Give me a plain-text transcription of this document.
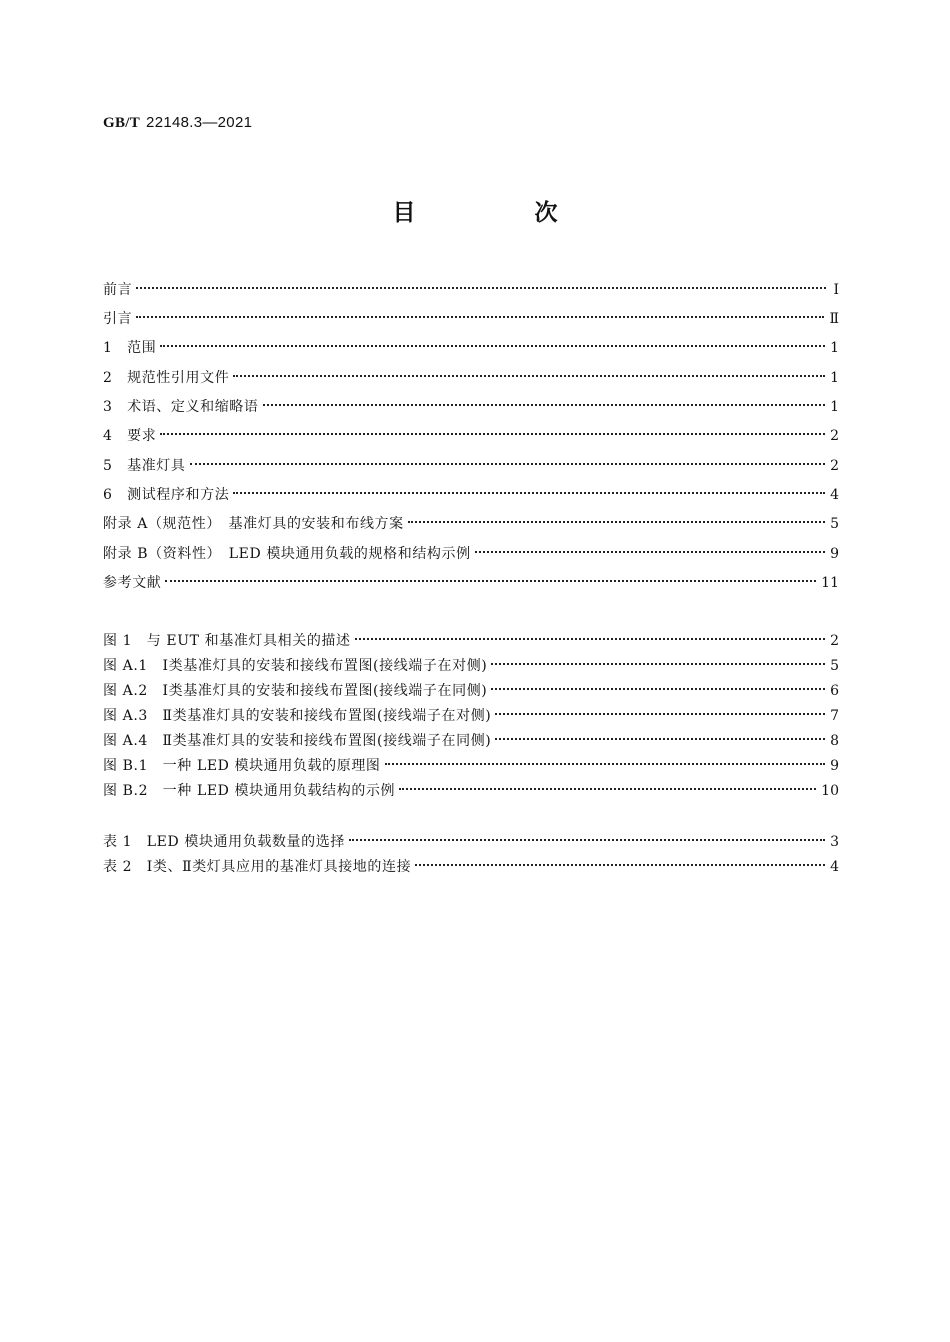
GB/T 22148.3—2021
目　次
前言	Ⅰ
引言	Ⅱ
1　范围	1
2　规范性引用文件	1
3　术语、定义和缩略语	1
4　要求	2
5　基准灯具	2
6　测试程序和方法	4
附录 A（规范性）　基准灯具的安装和布线方案	5
附录 B（资料性）　LED 模块通用负载的规格和结构示例	9
参考文献	11
图 1　与 EUT 和基准灯具相关的描述	2
图 A.1　Ⅰ类基准灯具的安装和接线布置图(接线端子在对侧)	5
图 A.2　Ⅰ类基准灯具的安装和接线布置图(接线端子在同侧)	6
图 A.3　Ⅱ类基准灯具的安装和接线布置图(接线端子在对侧)	7
图 A.4　Ⅱ类基准灯具的安装和接线布置图(接线端子在同侧)	8
图 B.1　一种 LED 模块通用负载的原理图	9
图 B.2　一种 LED 模块通用负载结构的示例	10
表 1　LED 模块通用负载数量的选择	3
表 2　Ⅰ类、Ⅱ类灯具应用的基准灯具接地的连接	4
